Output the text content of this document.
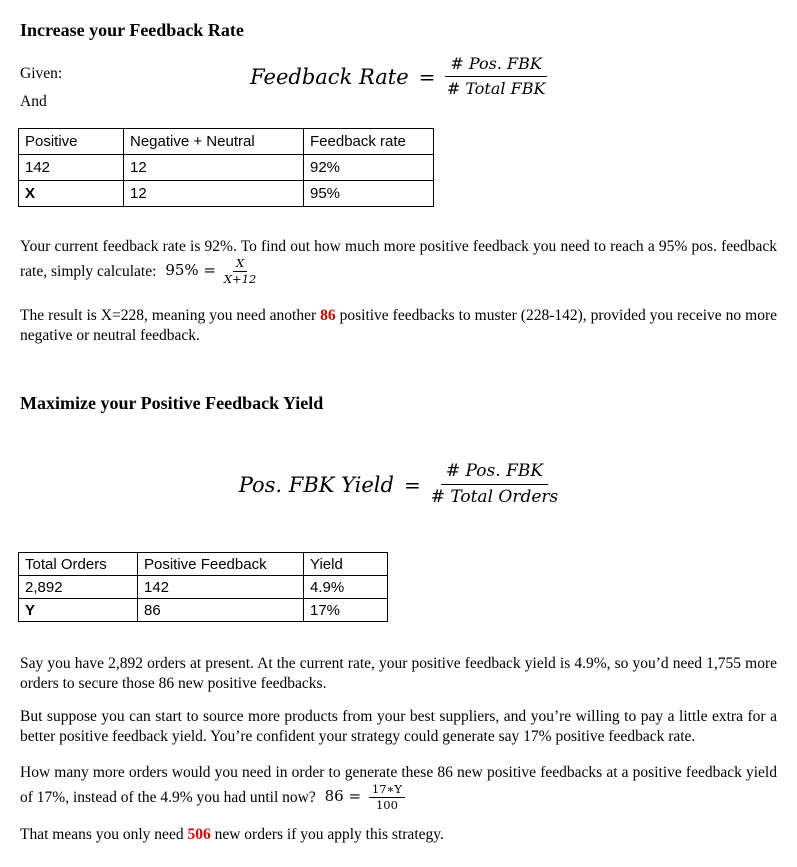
Increase your Feedback Rate
Given:
And
Feedback Rate = $\frac{\text{\# Pos. FBK}}{\text{\# Total FBK}}$
Positive	Negative + Neutral	Feedback rate
142	12	92%
X	12	95%

Your current feedback rate is 92%. To find out how much more positive feedback you need to reach a 95% pos. feedback rate, simply calculate: $95\% = \frac{X}{X+12}$

The result is X=228, meaning you need another 86 positive feedbacks to muster (228-142), provided you receive no more negative or neutral feedback.

Maximize your Positive Feedback Yield
Pos. FBK Yield = $\frac{\text{\# Pos. FBK}}{\text{\# Total Orders}}$
Total Orders	Positive Feedback	Yield
2,892	142	4.9%
Y	86	17%

Say you have 2,892 orders at present. At the current rate, your positive feedback yield is 4.9%, so you’d need 1,755 more orders to secure those 86 new positive feedbacks.

But suppose you can start to source more products from your best suppliers, and you’re willing to pay a little extra for a better positive feedback yield. You’re confident your strategy could generate say 17% positive feedback rate.

How many more orders would you need in order to generate these 86 new positive feedbacks at a positive feedback yield of 17%, instead of the 4.9% you had until now? $86 = \frac{17∗Y}{100}$

That means you only need 506 new orders if you apply this strategy.
